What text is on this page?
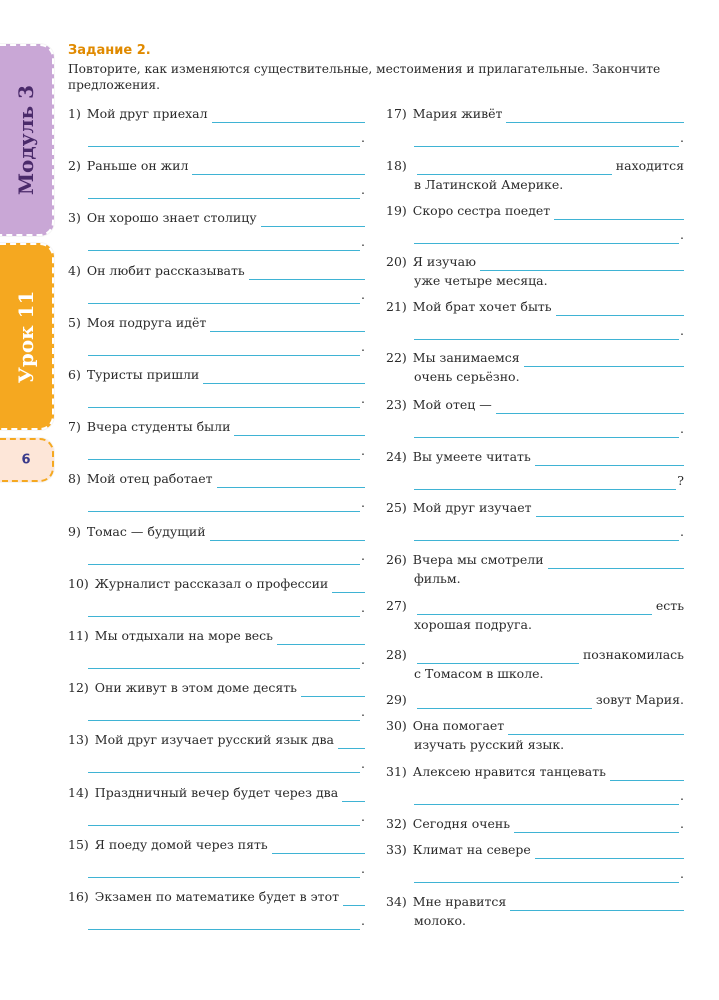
Модуль 3
Урок 11
6
Задание 2.

Повторите, как изменяются существительные, местоимения и прилагательные. Закончите предложения.

1) Мой друг приехал
.
2) Раньше он жил
.
3) Он хорошо знает столицу
.
4) Он любит рассказывать
.
5) Моя подруга идёт
.
6) Туристы пришли
.
7) Вчера студенты были
.
8) Мой отец работает
.
9) Томас — будущий
.
10) Журналист рассказал о профессии
.
11) Мы отдыхали на море весь
.
12) Они живут в этом доме десять
.
13) Мой друг изучает русский язык два
.
14) Праздничный вечер будет через два
.
15) Я поеду домой через пять
.
16) Экзамен по математике будет в этот
.
17) Мария живёт
.
18)	находится
в Латинской Америке.
19) Скоро сестра поедет
.
20) Я изучаю
уже четыре месяца.
21) Мой брат хочет быть
.
22) Мы занимаемся
очень серьёзно.
23) Мой отец —
.
24) Вы умеете читать
?
25) Мой друг изучает
.
26) Вчера мы смотрели
фильм.
27)	есть
хорошая подруга.
28)	познакомилась
с Томасом в школе.
29)	зовут Мария.
30) Она помогает
изучать русский язык.
31) Алексею нравится танцевать
.
32) Сегодня очень	.
33) Климат на севере
.
34) Мне нравится
молоко.
